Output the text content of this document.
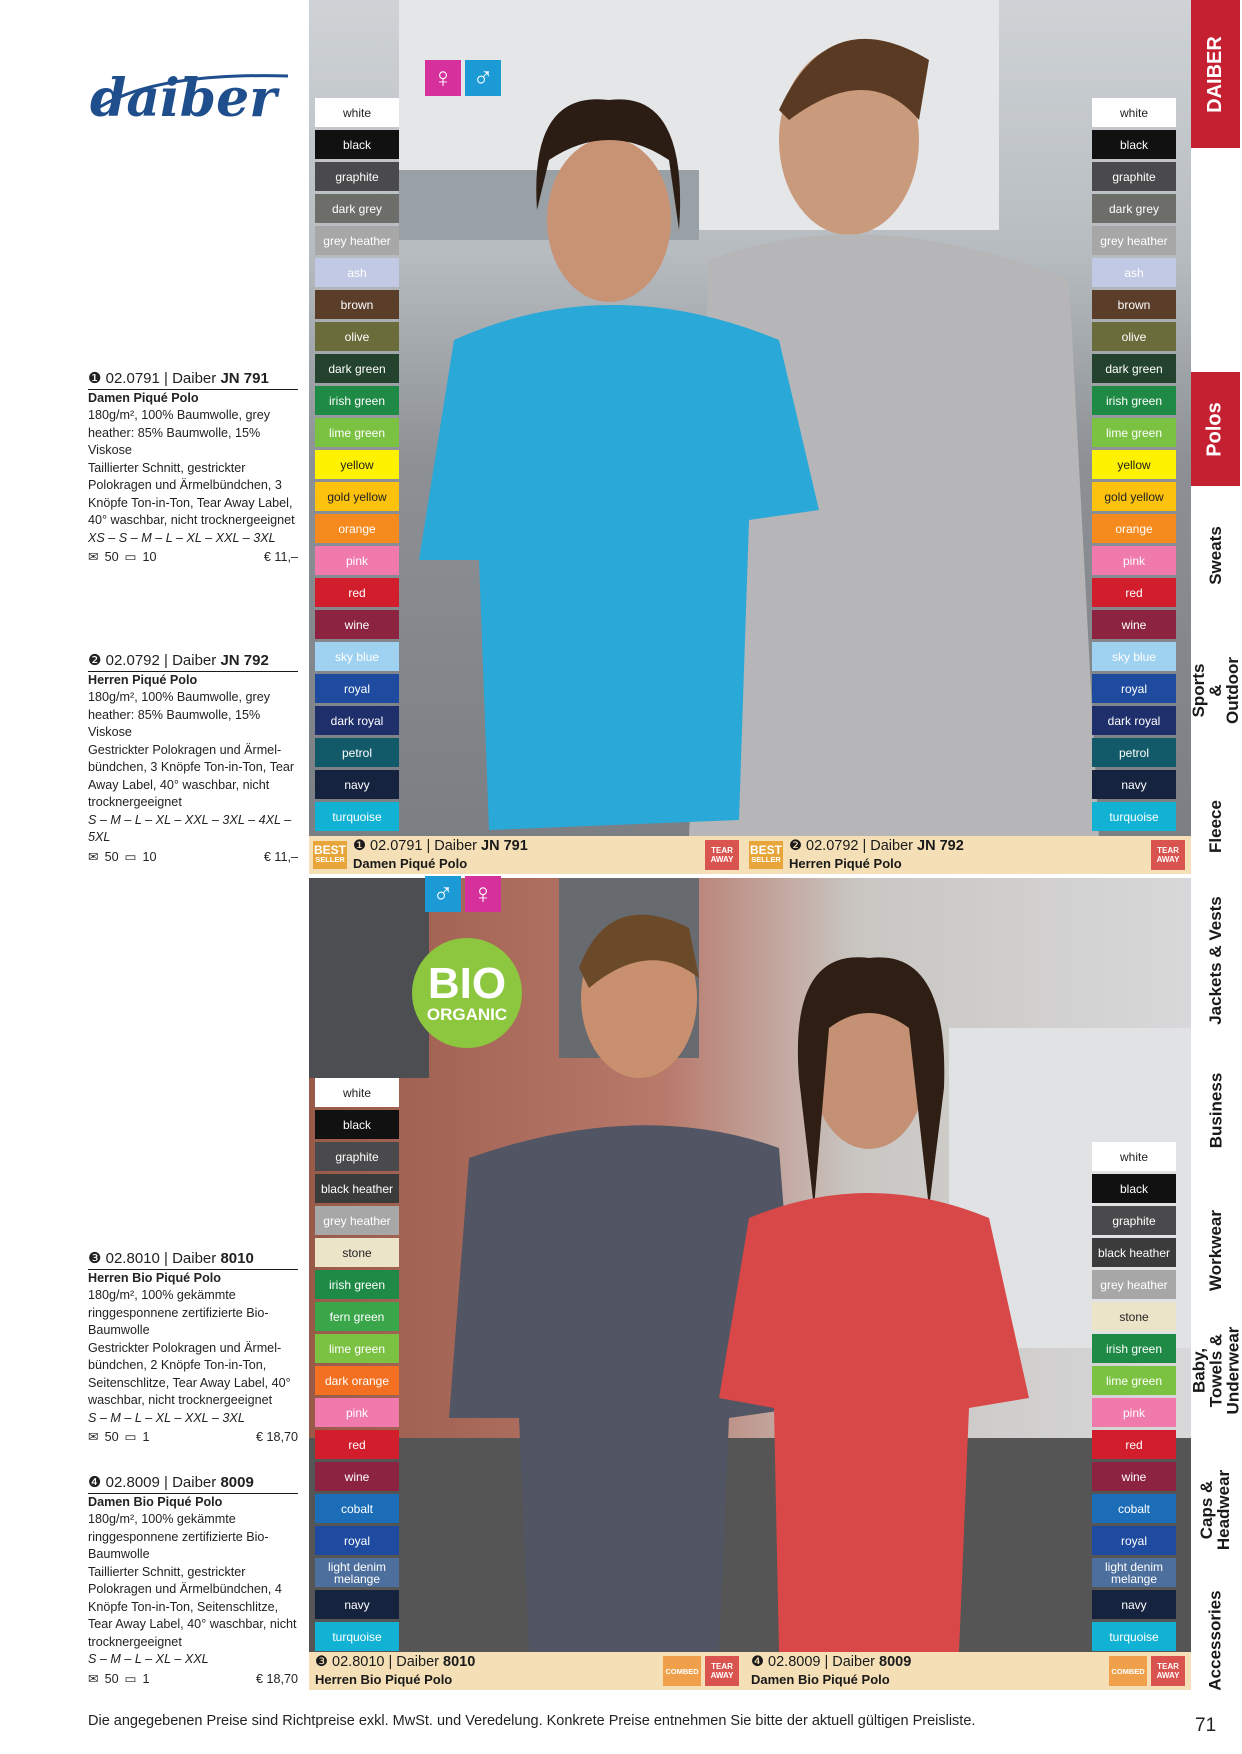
daiber
❶ 02.0791 | Daiber JN 791
Damen Piqué Polo
180g/m², 100% Baumwolle, grey heather: 85% Baumwolle, 15% Viskose
Taillierter Schnitt, gestrickter Polokragen und Ärmelbündchen, 3 Knöpfe Ton-in-Ton, Tear Away Label, 40° waschbar, nicht trocknergeeignet
XS – S – M – L – XL – XXL – 3XL
✉ 50 ▭ 10	€ 11,–
❷ 02.0792 | Daiber JN 792
Herren Piqué Polo
180g/m², 100% Baumwolle, grey heather: 85% Baumwolle, 15% Viskose
Gestrickter Polokragen und Ärmelbündchen, 3 Knöpfe Ton-in-Ton, Tear Away Label, 40° waschbar, nicht trocknergeeignet
S – M – L – XL – XXL – 3XL – 4XL – 5XL
✉ 50 ▭ 10	€ 11,–
❸ 02.8010 | Daiber 8010
Herren Bio Piqué Polo
180g/m², 100% gekämmte ringgesponnene zertifizierte Bio-Baumwolle
Gestrickter Polokragen und Ärmelbündchen, 2 Knöpfe Ton-in-Ton, Seitenschlitze, Tear Away Label, 40° waschbar, nicht trocknergeeignet
S – M – L – XL – XXL – 3XL
✉ 50 ▭ 1	€ 18,70
❹ 02.8009 | Daiber 8009
Damen Bio Piqué Polo
180g/m², 100% gekämmte ringgesponnene zertifizierte Bio-Baumwolle
Taillierter Schnitt, gestrickter Polokragen und Ärmelbündchen, 4 Knöpfe Ton-in-Ton, Seitenschlitze, Tear Away Label, 40° waschbar, nicht trocknergeeignet
S – M – L – XL – XXL
✉ 50 ▭ 1	€ 18,70
♀ ♂
white
black
graphite
dark grey
grey heather
ash
brown
olive
dark green
irish green
lime green
yellow
gold yellow
orange
pink
red
wine
sky blue
royal
dark royal
petrol
navy
turquoise
white
black
graphite
dark grey
grey heather
ash
brown
olive
dark green
irish green
lime green
yellow
gold yellow
orange
pink
red
wine
sky blue
royal
dark royal
petrol
navy
turquoise
BEST
SELLER
❶ 02.0791 | Daiber JN 791
Damen Piqué Polo
TEAR
AWAY
BEST
SELLER
❷ 02.0792 | Daiber JN 792
Herren Piqué Polo
TEAR
AWAY
♂ ♀
BIO
ORGANIC
white
black
graphite
black heather
grey heather
stone
irish green
fern green
lime green
dark orange
pink
red
wine
cobalt
royal
light denim melange
navy
turquoise
white
black
graphite
black heather
grey heather
stone
irish green
lime green
pink
red
wine
cobalt
royal
light denim melange
navy
turquoise
❸ 02.8010 | Daiber 8010
Herren Bio Piqué Polo
COMBED TEAR
AWAY
❹ 02.8009 | Daiber 8009
Damen Bio Piqué Polo
COMBED TEAR
AWAY
DAIBER
Polos
Sweats
Sports & Outdoor
Fleece
Jackets & Vests
Business
Workwear
Baby, Towels & Underwear
Caps & Headwear
Accessories
Die angegebenen Preise sind Richtpreise exkl. MwSt. und Veredelung. Konkrete Preise entnehmen Sie bitte der aktuell gültigen Preisliste.	71
